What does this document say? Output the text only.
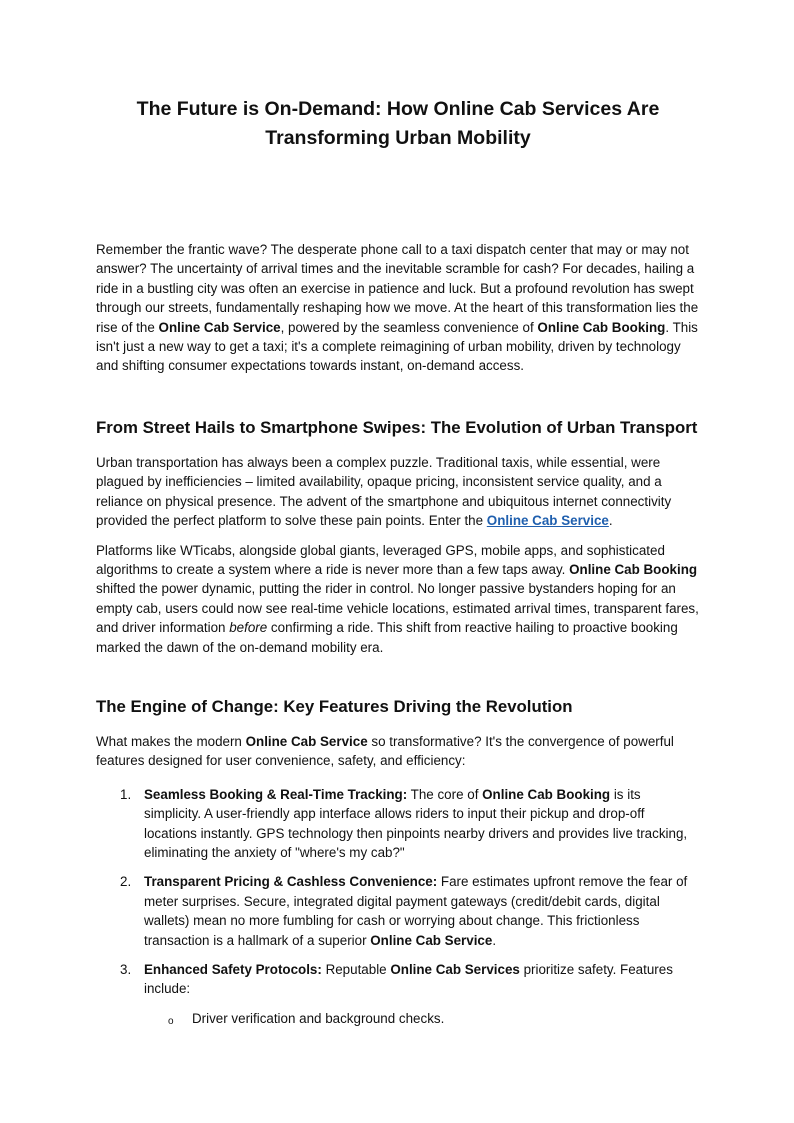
The Future is On-Demand: How Online Cab Services Are
Transforming Urban Mobility

Remember the frantic wave? The desperate phone call to a taxi dispatch center that may or may not answer? The uncertainty of arrival times and the inevitable scramble for cash? For decades, hailing a ride in a bustling city was often an exercise in patience and luck. But a profound revolution has swept through our streets, fundamentally reshaping how we move. At the heart of this transformation lies the rise of the Online Cab Service, powered by the seamless convenience of Online Cab Booking. This isn't just a new way to get a taxi; it's a complete reimagining of urban mobility, driven by technology and shifting consumer expectations towards instant, on-demand access.

From Street Hails to Smartphone Swipes: The Evolution of Urban Transport

Urban transportation has always been a complex puzzle. Traditional taxis, while essential, were plagued by inefficiencies – limited availability, opaque pricing, inconsistent service quality, and a reliance on physical presence. The advent of the smartphone and ubiquitous internet connectivity provided the perfect platform to solve these pain points. Enter the Online Cab Service.

Platforms like WTicabs, alongside global giants, leveraged GPS, mobile apps, and sophisticated algorithms to create a system where a ride is never more than a few taps away. Online Cab Booking shifted the power dynamic, putting the rider in control. No longer passive bystanders hoping for an empty cab, users could now see real-time vehicle locations, estimated arrival times, transparent fares, and driver information before confirming a ride. This shift from reactive hailing to proactive booking marked the dawn of the on-demand mobility era.

The Engine of Change: Key Features Driving the Revolution

What makes the modern Online Cab Service so transformative? It's the convergence of powerful features designed for user convenience, safety, and efficiency:

1. Seamless Booking & Real-Time Tracking: The core of Online Cab Booking is its simplicity. A user-friendly app interface allows riders to input their pickup and drop-off locations instantly. GPS technology then pinpoints nearby drivers and provides live tracking, eliminating the anxiety of "where's my cab?"
2. Transparent Pricing & Cashless Convenience: Fare estimates upfront remove the fear of meter surprises. Secure, integrated digital payment gateways (credit/debit cards, digital wallets) mean no more fumbling for cash or worrying about change. This frictionless transaction is a hallmark of a superior Online Cab Service.
3. Enhanced Safety Protocols: Reputable Online Cab Services prioritize safety. Features include:
o Driver verification and background checks.
